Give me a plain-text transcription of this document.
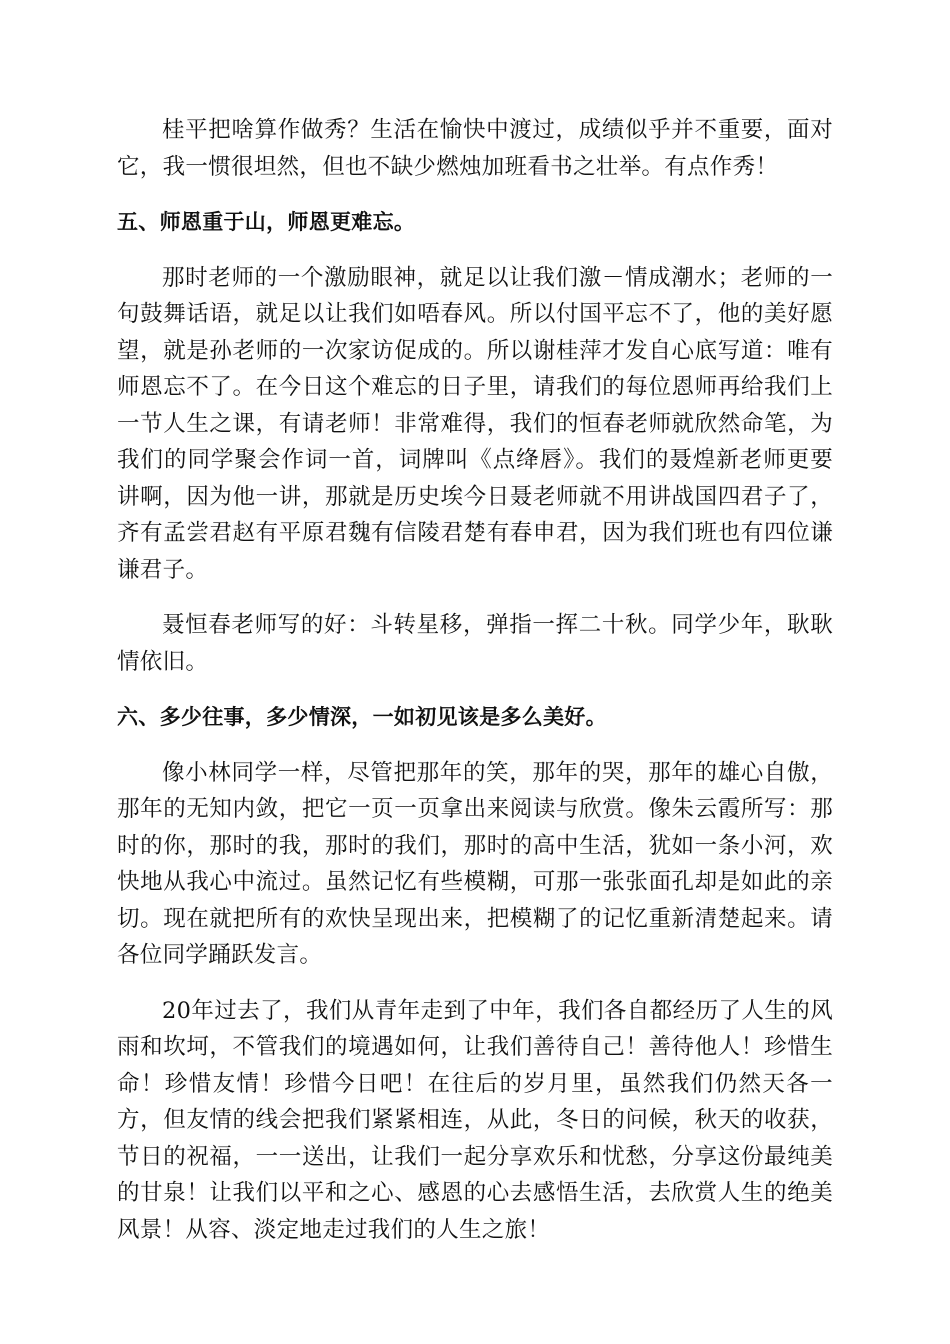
桂平把啥算作做秀？生活在愉快中渡过，成绩似乎并不重要，面对它，我一惯很坦然，但也不缺少燃烛加班看书之壮举。有点作秀！

五、师恩重于山，师恩更难忘。

那时老师的一个激励眼神，就足以让我们激－情成潮水；老师的一句鼓舞话语，就足以让我们如唔春风。所以付国平忘不了，他的美好愿望，就是孙老师的一次家访促成的。所以谢桂萍才发自心底写道：唯有师恩忘不了。在今日这个难忘的日子里，请我们的每位恩师再给我们上一节人生之课，有请老师！非常难得，我们的恒春老师就欣然命笔，为我们的同学聚会作词一首，词牌叫《点绛唇》。我们的聂煌新老师更要讲啊，因为他一讲，那就是历史埃今日聂老师就不用讲战国四君子了，齐有孟尝君赵有平原君魏有信陵君楚有春申君，因为我们班也有四位谦谦君子。

聂恒春老师写的好：斗转星移，弹指一挥二十秋。同学少年，耿耿情依旧。

六、多少往事，多少情深，一如初见该是多么美好。

像小林同学一样，尽管把那年的笑，那年的哭，那年的雄心自傲，那年的无知内敛，把它一页一页拿出来阅读与欣赏。像朱云霞所写：那时的你，那时的我，那时的我们，那时的高中生活，犹如一条小河，欢快地从我心中流过。虽然记忆有些模糊，可那一张张面孔却是如此的亲切。现在就把所有的欢快呈现出来，把模糊了的记忆重新清楚起来。请各位同学踊跃发言。

20年过去了，我们从青年走到了中年，我们各自都经历了人生的风雨和坎坷，不管我们的境遇如何，让我们善待自己！善待他人！珍惜生命！珍惜友情！珍惜今日吧！在往后的岁月里，虽然我们仍然天各一方，但友情的线会把我们紧紧相连，从此，冬日的问候，秋天的收获，节日的祝福，一一送出，让我们一起分享欢乐和忧愁，分享这份最纯美的甘泉！让我们以平和之心、感恩的心去感悟生活，去欣赏人生的绝美风景！从容、淡定地走过我们的人生之旅！
